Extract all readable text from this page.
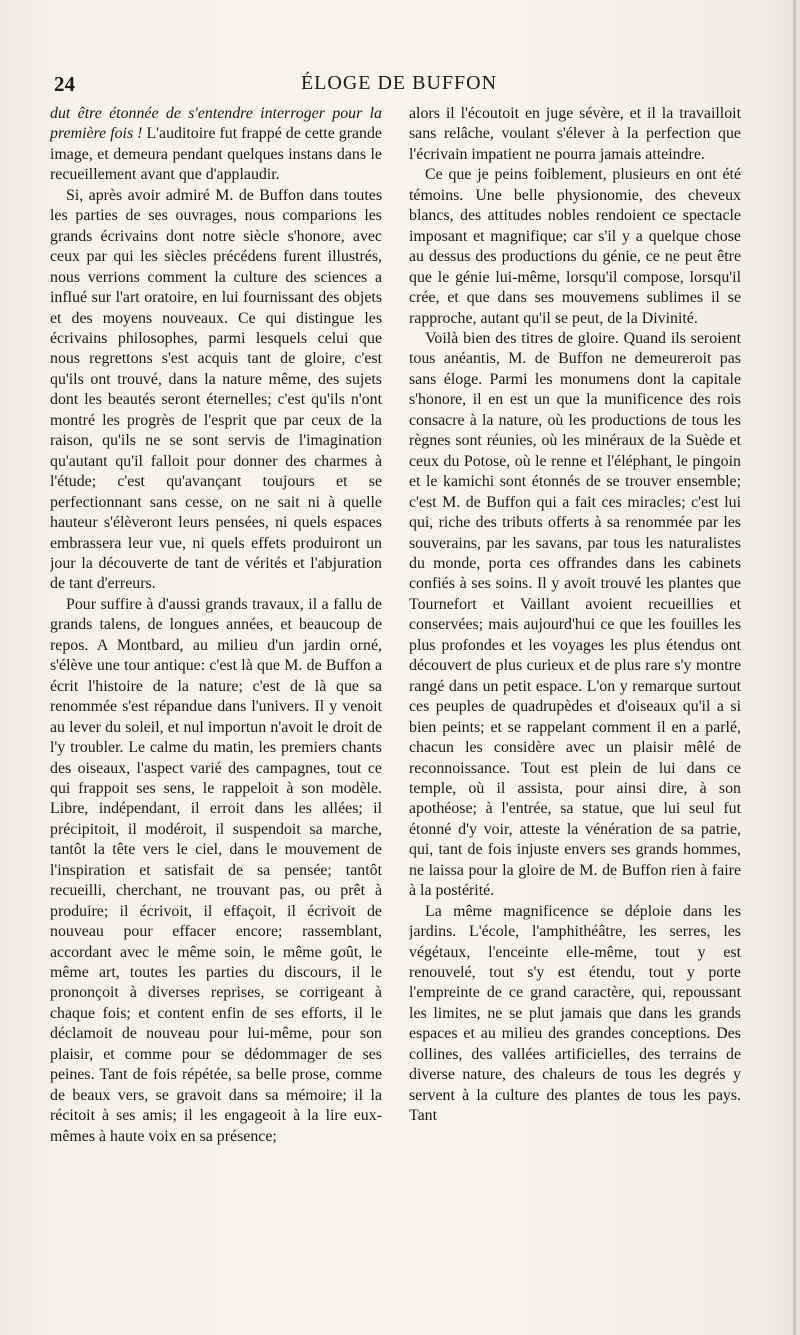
24	ÉLOGE DE BUFFON

dut être étonnée de s'entendre interroger pour la première fois ! L'auditoire fut frappé de cette grande image, et demeura pendant quelques instans dans le recueillement avant que d'applaudir.

Si, après avoir admiré M. de Buffon dans toutes les parties de ses ouvrages, nous comparions les grands écrivains dont notre siècle s'honore, avec ceux par qui les siècles précédens furent illustrés, nous verrions comment la culture des sciences a influé sur l'art oratoire, en lui fournissant des objets et des moyens nouveaux. Ce qui distingue les écrivains philosophes, parmi lesquels celui que nous regrettons s'est acquis tant de gloire, c'est qu'ils ont trouvé, dans la nature même, des sujets dont les beautés seront éternelles; c'est qu'ils n'ont montré les progrès de l'esprit que par ceux de la raison, qu'ils ne se sont servis de l'imagination qu'autant qu'il falloit pour donner des charmes à l'étude; c'est qu'avançant toujours et se perfectionnant sans cesse, on ne sait ni à quelle hauteur s'élèveront leurs pensées, ni quels espaces embrassera leur vue, ni quels effets produiront un jour la découverte de tant de vérités et l'abjuration de tant d'erreurs.

Pour suffire à d'aussi grands travaux, il a fallu de grands talens, de longues années, et beaucoup de repos. A Montbard, au milieu d'un jardin orné, s'élève une tour antique: c'est là que M. de Buffon a écrit l'histoire de la nature; c'est de là que sa renommée s'est répandue dans l'univers. Il y venoit au lever du soleil, et nul importun n'avoit le droit de l'y troubler. Le calme du matin, les premiers chants des oiseaux, l'aspect varié des campagnes, tout ce qui frappoit ses sens, le rappeloit à son modèle. Libre, indépendant, il erroit dans les allées; il précipitoit, il modéroit, il suspendoit sa marche, tantôt la tête vers le ciel, dans le mouvement de l'inspiration et satisfait de sa pensée; tantôt recueilli, cherchant, ne trouvant pas, ou prêt à produire; il écrivoit, il effaçoit, il écrivoit de nouveau pour effacer encore; rassemblant, accordant avec le même soin, le même goût, le même art, toutes les parties du discours, il le prononçoit à diverses reprises, se corrigeant à chaque fois; et content enfin de ses efforts, il le déclamoit de nouveau pour lui-même, pour son plaisir, et comme pour se dédommager de ses peines. Tant de fois répétée, sa belle prose, comme de beaux vers, se gravoit dans sa mémoire; il la récitoit à ses amis; il les engageoit à la lire eux-mêmes à haute voix en sa présence;

alors il l'écoutoit en juge sévère, et il la travailloit sans relâche, voulant s'élever à la perfection que l'écrivain impatient ne pourra jamais atteindre.

Ce que je peins foiblement, plusieurs en ont été témoins. Une belle physionomie, des cheveux blancs, des attitudes nobles rendoient ce spectacle imposant et magnifique; car s'il y a quelque chose au dessus des productions du génie, ce ne peut être que le génie lui-même, lorsqu'il compose, lorsqu'il crée, et que dans ses mouvemens sublimes il se rapproche, autant qu'il se peut, de la Divinité.

Voilà bien des titres de gloire. Quand ils seroient tous anéantis, M. de Buffon ne demeureroit pas sans éloge. Parmi les monumens dont la capitale s'honore, il en est un que la munificence des rois consacre à la nature, où les productions de tous les règnes sont réunies, où les minéraux de la Suède et ceux du Potose, où le renne et l'éléphant, le pingoin et le kamichi sont étonnés de se trouver ensemble; c'est M. de Buffon qui a fait ces miracles; c'est lui qui, riche des tributs offerts à sa renommée par les souverains, par les savans, par tous les naturalistes du monde, porta ces offrandes dans les cabinets confiés à ses soins. Il y avoit trouvé les plantes que Tournefort et Vaillant avoient recueillies et conservées; mais aujourd'hui ce que les fouilles les plus profondes et les voyages les plus étendus ont découvert de plus curieux et de plus rare s'y montre rangé dans un petit espace. L'on y remarque surtout ces peuples de quadrupèdes et d'oiseaux qu'il a si bien peints; et se rappelant comment il en a parlé, chacun les considère avec un plaisir mêlé de reconnoissance. Tout est plein de lui dans ce temple, où il assista, pour ainsi dire, à son apothéose; à l'entrée, sa statue, que lui seul fut étonné d'y voir, atteste la vénération de sa patrie, qui, tant de fois injuste envers ses grands hommes, ne laissa pour la gloire de M. de Buffon rien à faire à la postérité.

La même magnificence se déploie dans les jardins. L'école, l'amphithéâtre, les serres, les végétaux, l'enceinte elle-même, tout y est renouvelé, tout s'y est étendu, tout y porte l'empreinte de ce grand caractère, qui, repoussant les limites, ne se plut jamais que dans les grands espaces et au milieu des grandes conceptions. Des collines, des vallées artificielles, des terrains de diverse nature, des chaleurs de tous les degrés y servent à la culture des plantes de tous les pays. Tant
